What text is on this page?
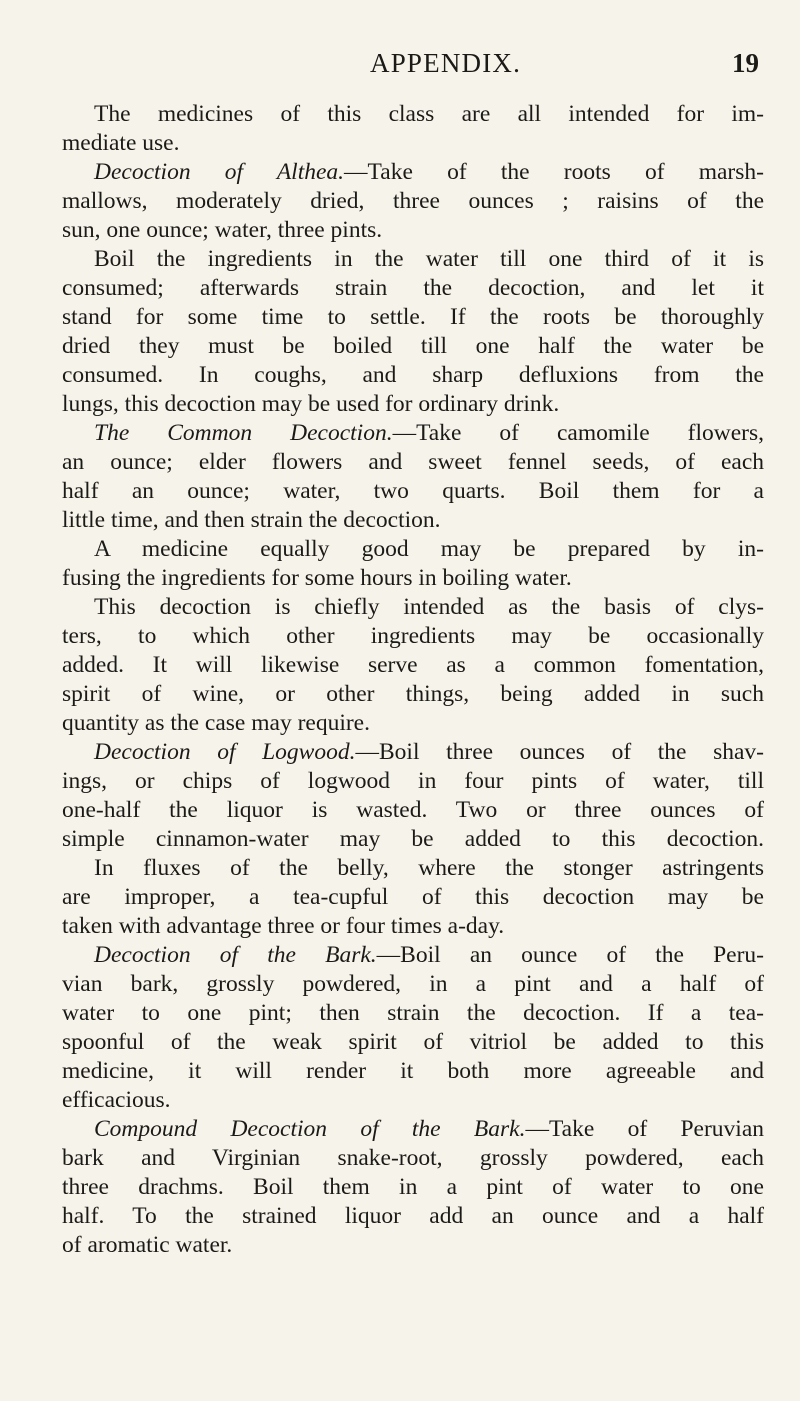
APPENDIX.	19
The medicines of this class are all intended for im-
mediate use.
Decoction of Althea.—Take of the roots of marsh-
mallows, moderately dried, three ounces ; raisins of the
sun, one ounce; water, three pints.
Boil the ingredients in the water till one third of it is
consumed; afterwards strain the decoction, and let it
stand for some time to settle. If the roots be thoroughly
dried they must be boiled till one half the water be
consumed. In coughs, and sharp defluxions from the
lungs, this decoction may be used for ordinary drink.
The Common Decoction.—Take of camomile flowers,
an ounce; elder flowers and sweet fennel seeds, of each
half an ounce; water, two quarts. Boil them for a
little time, and then strain the decoction.
A medicine equally good may be prepared by in-
fusing the ingredients for some hours in boiling water.
This decoction is chiefly intended as the basis of clys-
ters, to which other ingredients may be occasionally
added. It will likewise serve as a common fomentation,
spirit of wine, or other things, being added in such
quantity as the case may require.
Decoction of Logwood.—Boil three ounces of the shav-
ings, or chips of logwood in four pints of water, till
one-half the liquor is wasted. Two or three ounces of
simple cinnamon-water may be added to this decoction.
In fluxes of the belly, where the stonger astringents
are improper, a tea-cupful of this decoction may be
taken with advantage three or four times a-day.
Decoction of the Bark.—Boil an ounce of the Peru-
vian bark, grossly powdered, in a pint and a half of
water to one pint; then strain the decoction. If a tea-
spoonful of the weak spirit of vitriol be added to this
medicine, it will render it both more agreeable and
efficacious.
Compound Decoction of the Bark.—Take of Peruvian
bark and Virginian snake-root, grossly powdered, each
three drachms. Boil them in a pint of water to one
half. To the strained liquor add an ounce and a half
of aromatic water.
